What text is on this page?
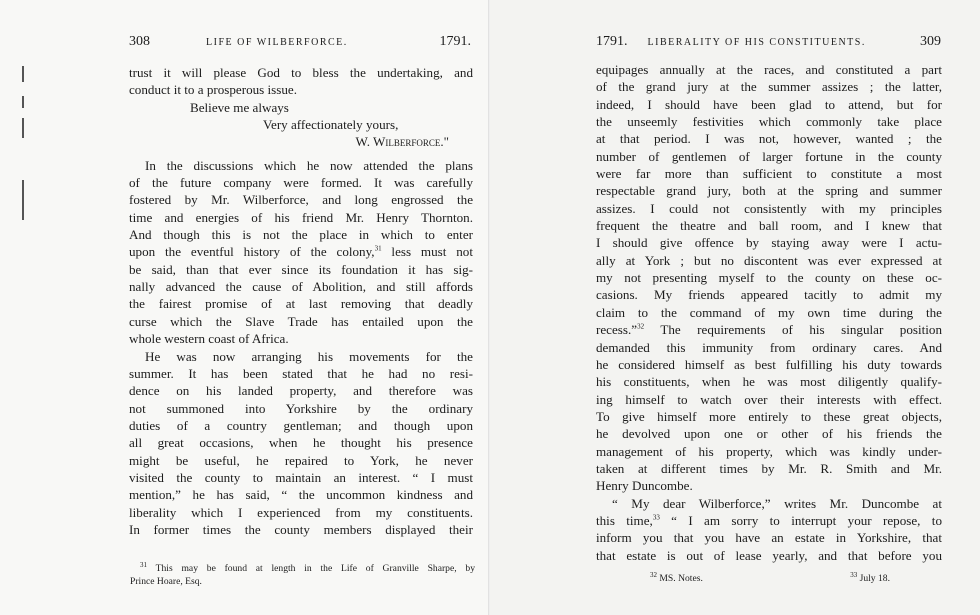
308	LIFE OF WILBERFORCE.	1791.
trust it will please God to bless the undertaking, and
conduct it to a prosperous issue.
Believe me always
Very affectionately yours,
W. Wilberforce."
In the discussions which he now attended the plans
of the future company were formed. It was carefully
fostered by Mr. Wilberforce, and long engrossed the
time and energies of his friend Mr. Henry Thornton.
And though this is not the place in which to enter
upon the eventful history of the colony,$^{31}$ less must not
be said, than that ever since its foundation it has sig-
nally advanced the cause of Abolition, and still affords
the fairest promise of at last removing that deadly
curse which the Slave Trade has entailed upon the
whole western coast of Africa.
He was now arranging his movements for the
summer. It has been stated that he had no resi-
dence on his landed property, and therefore was
not summoned into Yorkshire by the ordinary
duties of a country gentleman; and though upon
all great occasions, when he thought his presence
might be useful, he repaired to York, he never
visited the county to maintain an interest. “ I must
mention,” he has said, “ the uncommon kindness and
liberality which I experienced from my constituents.
In former times the county members displayed their
$^{31}$ This may be found at length in the Life of Granville Sharpe, by
Prince Hoare, Esq.
1791. LIBERALITY OF HIS CONSTITUENTS.	309
equipages annually at the races, and constituted a part
of the grand jury at the summer assizes ; the latter,
indeed, I should have been glad to attend, but for
the unseemly festivities which commonly take place
at that period. I was not, however, wanted ; the
number of gentlemen of larger fortune in the county
were far more than sufficient to constitute a most
respectable grand jury, both at the spring and summer
assizes. I could not consistently with my principles
frequent the theatre and ball room, and I knew that
I should give offence by staying away were I actu-
ally at York ; but no discontent was ever expressed at
my not presenting myself to the county on these oc-
casions. My friends appeared tacitly to admit my
claim to the command of my own time during the
recess.”$^{32}$ The requirements of his singular position
demanded this immunity from ordinary cares. And
he considered himself as best fulfilling his duty towards
his constituents, when he was most diligently qualify-
ing himself to watch over their interests with effect.
To give himself more entirely to these great objects,
he devolved upon one or other of his friends the
management of his property, which was kindly under-
taken at different times by Mr. R. Smith and Mr.
Henry Duncombe.
“ My dear Wilberforce,” writes Mr. Duncombe at
this time,$^{33}$ “ I am sorry to interrupt your repose, to
inform you that you have an estate in Yorkshire, that
that estate is out of lease yearly, and that before you
$^{32}$ MS. Notes.	$^{33}$ July 18.
